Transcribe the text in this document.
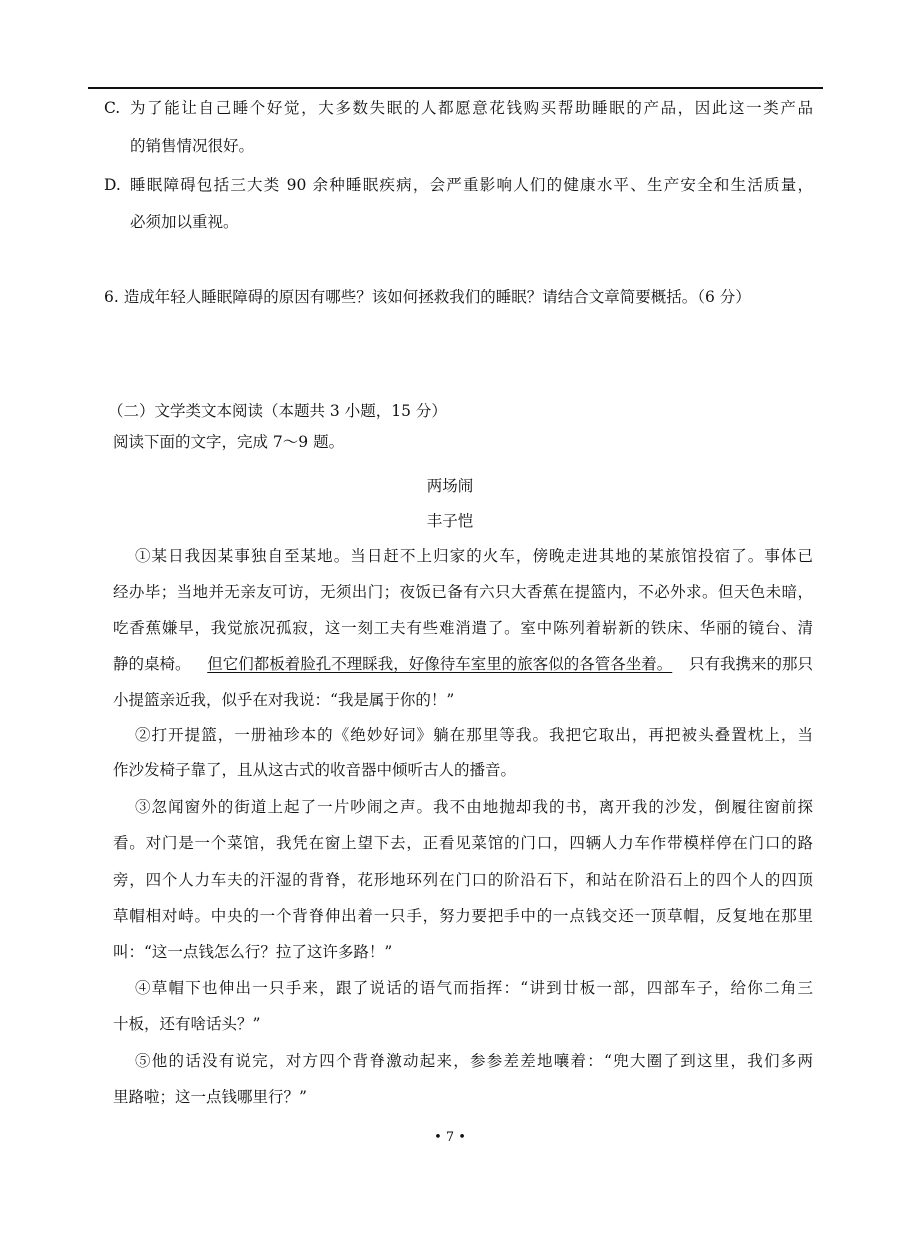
C. 为了能让自己睡个好觉，大多数失眠的人都愿意花钱购买帮助睡眠的产品，因此这一类产品
的销售情况很好。
D. 睡眠障碍包括三大类 90 余种睡眠疾病，会严重影响人们的健康水平、生产安全和生活质量，
必须加以重视。
6. 造成年轻人睡眠障碍的原因有哪些？该如何拯救我们的睡眠？请结合文章简要概括。（6 分）
（二）文学类文本阅读（本题共 3 小题，15 分）
阅读下面的文字，完成 7～9 题。
两场闹
丰子恺
①某日我因某事独自至某地。当日赶不上归家的火车，傍晚走进其地的某旅馆投宿了。事体已
经办毕；当地并无亲友可访，无须出门；夜饭已备有六只大香蕉在提篮内，不必外求。但天色未暗，
吃香蕉嫌早，我觉旅况孤寂，这一刻工夫有些难消遣了。室中陈列着崭新的铁床、华丽的镜台、清
静的桌椅。 但它们都板着脸孔不理睬我，好像待车室里的旅客似的各管各坐着。 只有我携来的那只
小提篮亲近我，似乎在对我说：“我是属于你的！”
②打开提篮，一册袖珍本的《绝妙好词》躺在那里等我。我把它取出，再把被头叠置枕上，当
作沙发椅子靠了，且从这古式的收音器中倾听古人的播音。
③忽闻窗外的街道上起了一片吵闹之声。我不由地抛却我的书，离开我的沙发，倒履往窗前探
看。对门是一个菜馆，我凭在窗上望下去，正看见菜馆的门口，四辆人力车作带模样停在门口的路
旁，四个人力车夫的汗湿的背脊，花形地环列在门口的阶沿石下，和站在阶沿石上的四个人的四顶
草帽相对峙。中央的一个背脊伸出着一只手，努力要把手中的一点钱交还一顶草帽，反复地在那里
叫：“这一点钱怎么行？拉了这许多路！”
④草帽下也伸出一只手来，跟了说话的语气而指挥：“讲到廿板一部，四部车子，给你二角三
十板，还有啥话头？”
⑤他的话没有说完，对方四个背脊激动起来，参参差差地嚷着：“兜大圈了到这里，我们多两
里路啦；这一点钱哪里行？”
• 7 •
